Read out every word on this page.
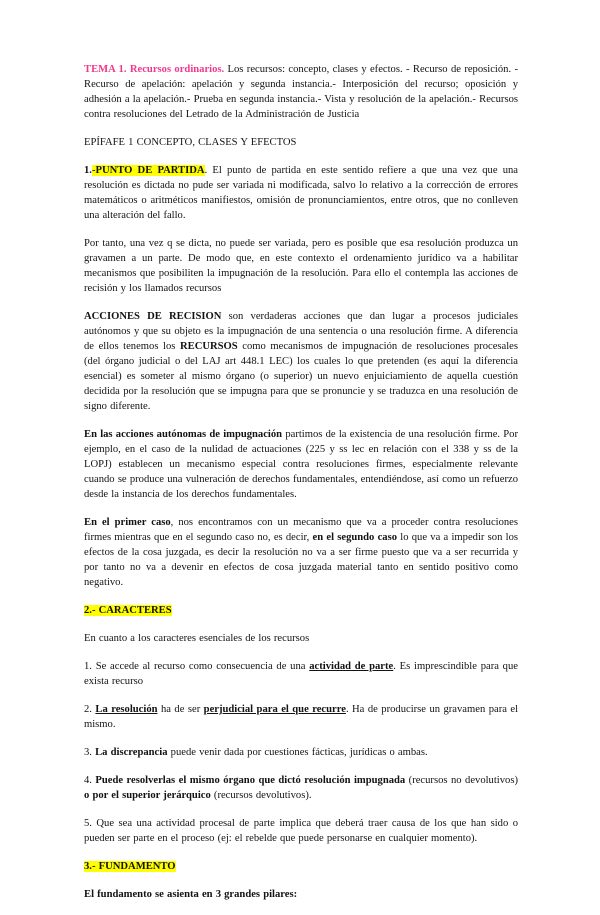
TEMA 1. Recursos ordinarios. Los recursos: concepto, clases y efectos. - Recurso de reposición. - Recurso de apelación: apelación y segunda instancia.- Interposición del recurso; oposición y adhesión a la apelación.- Prueba en segunda instancia.- Vista y resolución de la apelación.- Recursos contra resoluciones del Letrado de la Administración de Justicia

EPÍFAFE 1 CONCEPTO, CLASES Y EFECTOS

1.-PUNTO DE PARTIDA. El punto de partida en este sentido refiere a que una vez que una resolución es dictada no pude ser variada ni modificada, salvo lo relativo a la corrección de errores matemáticos o aritméticos manifiestos, omisión de pronunciamientos, entre otros, que no conlleven una alteración del fallo.

Por tanto, una vez q se dicta, no puede ser variada, pero es posible que esa resolución produzca un gravamen a un parte. De modo que, en este contexto el ordenamiento jurídico va a habilitar mecanismos que posibiliten la impugnación de la resolución. Para ello el contempla las acciones de recisión y los llamados recursos

ACCIONES DE RECISION son verdaderas acciones que dan lugar a procesos judiciales autónomos y que su objeto es la impugnación de una sentencia o una resolución firme. A diferencia de ellos tenemos los RECURSOS como mecanismos de impugnación de resoluciones procesales (del órgano judicial o del LAJ art 448.1 LEC) los cuales lo que pretenden (es aquí la diferencia esencial) es someter al mismo órgano (o superior) un nuevo enjuiciamiento de aquella cuestión decidida por la resolución que se impugna para que se pronuncie y se traduzca en una resolución de signo diferente.

En las acciones autónomas de impugnación partimos de la existencia de una resolución firme. Por ejemplo, en el caso de la nulidad de actuaciones (225 y ss lec en relación con el 338 y ss de la LOPJ) establecen un mecanismo especial contra resoluciones firmes, especialmente relevante cuando se produce una vulneración de derechos fundamentales, entendiéndose, así como un refuerzo desde la instancia de los derechos fundamentales.

En el primer caso, nos encontramos con un mecanismo que va a proceder contra resoluciones firmes mientras que en el segundo caso no, es decir, en el segundo caso lo que va a impedir son los efectos de la cosa juzgada, es decir la resolución no va a ser firme puesto que va a ser recurrida y por tanto no va a devenir en efectos de cosa juzgada material tanto en sentido positivo como negativo.

2.- CARACTERES

En cuanto a los caracteres esenciales de los recursos

1. Se accede al recurso como consecuencia de una actividad de parte. Es imprescindible para que exista recurso

2. La resolución ha de ser perjudicial para el que recurre. Ha de producirse un gravamen para el mismo.

3. La discrepancia puede venir dada por cuestiones fácticas, jurídicas o ambas.

4. Puede resolverlas el mismo órgano que dictó resolución impugnada (recursos no devolutivos) o por el superior jerárquico (recursos devolutivos).

5. Que sea una actividad procesal de parte implica que deberá traer causa de los que han sido o pueden ser parte en el proceso (ej: el rebelde que puede personarse en cualquier momento).

3.- FUNDAMENTO

El fundamento se asienta en 3 grandes pilares:
